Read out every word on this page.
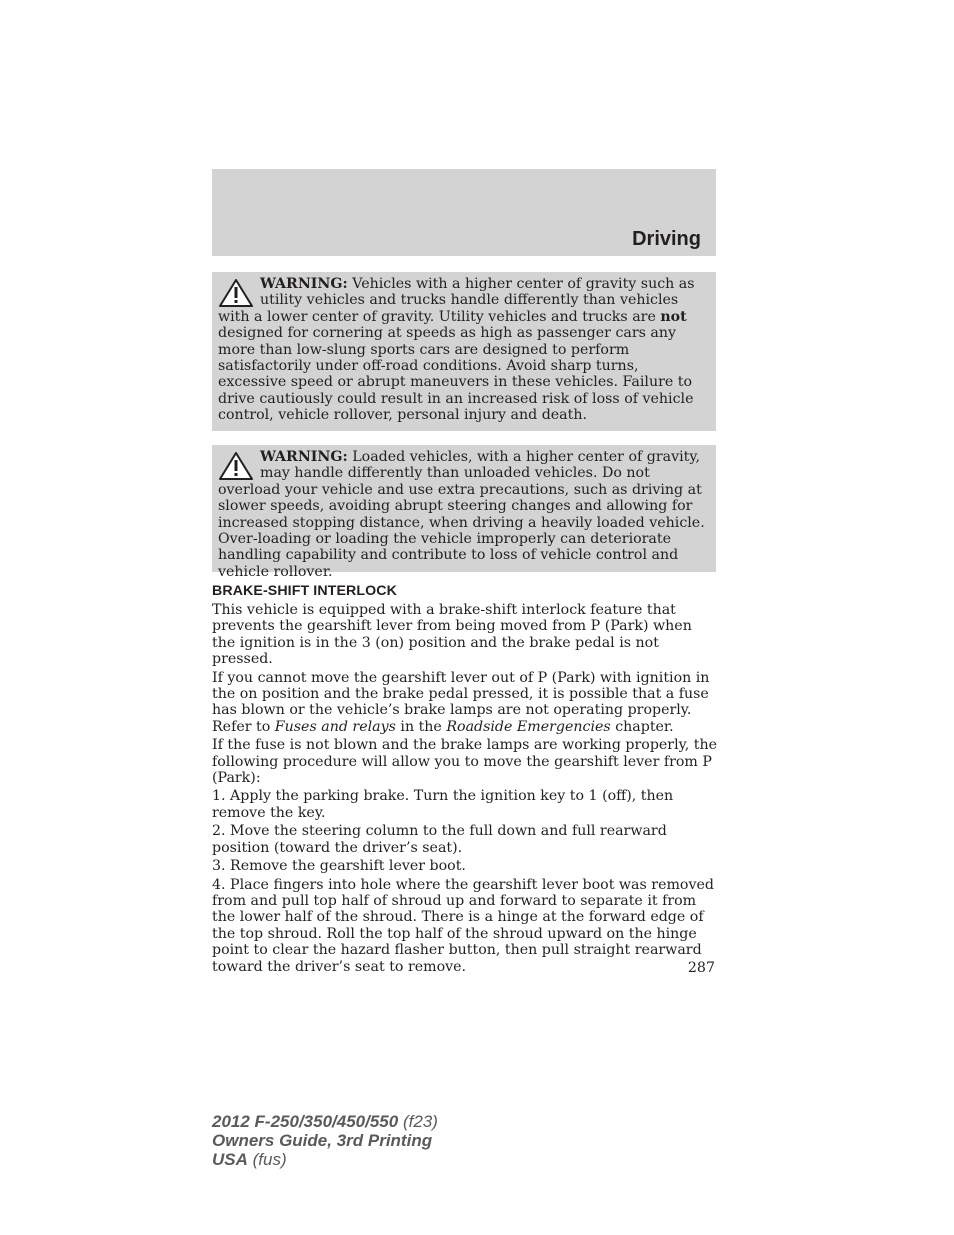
Driving
WARNING: Vehicles with a higher center of gravity such as utility vehicles and trucks handle differently than vehicles with a lower center of gravity. Utility vehicles and trucks are not designed for cornering at speeds as high as passenger cars any more than low-slung sports cars are designed to perform satisfactorily under off-road conditions. Avoid sharp turns, excessive speed or abrupt maneuvers in these vehicles. Failure to drive cautiously could result in an increased risk of loss of vehicle control, vehicle rollover, personal injury and death.
WARNING: Loaded vehicles, with a higher center of gravity, may handle differently than unloaded vehicles. Do not overload your vehicle and use extra precautions, such as driving at slower speeds, avoiding abrupt steering changes and allowing for increased stopping distance, when driving a heavily loaded vehicle. Over-loading or loading the vehicle improperly can deteriorate handling capability and contribute to loss of vehicle control and vehicle rollover.
BRAKE-SHIFT INTERLOCK

This vehicle is equipped with a brake-shift interlock feature that prevents the gearshift lever from being moved from P (Park) when the ignition is in the 3 (on) position and the brake pedal is not pressed.

If you cannot move the gearshift lever out of P (Park) with ignition in the on position and the brake pedal pressed, it is possible that a fuse has blown or the vehicle’s brake lamps are not operating properly. Refer to Fuses and relays in the Roadside Emergencies chapter.

If the fuse is not blown and the brake lamps are working properly, the following procedure will allow you to move the gearshift lever from P (Park):

1. Apply the parking brake. Turn the ignition key to 1 (off), then remove the key.

2. Move the steering column to the full down and full rearward position (toward the driver’s seat).

3. Remove the gearshift lever boot.

4. Place fingers into hole where the gearshift lever boot was removed from and pull top half of shroud up and forward to separate it from the lower half of the shroud. There is a hinge at the forward edge of the top shroud. Roll the top half of the shroud upward on the hinge point to clear the hazard flasher button, then pull straight rearward toward the driver’s seat to remove.	287
2012 F-250/350/450/550 (f23)
Owners Guide, 3rd Printing
USA (fus)
